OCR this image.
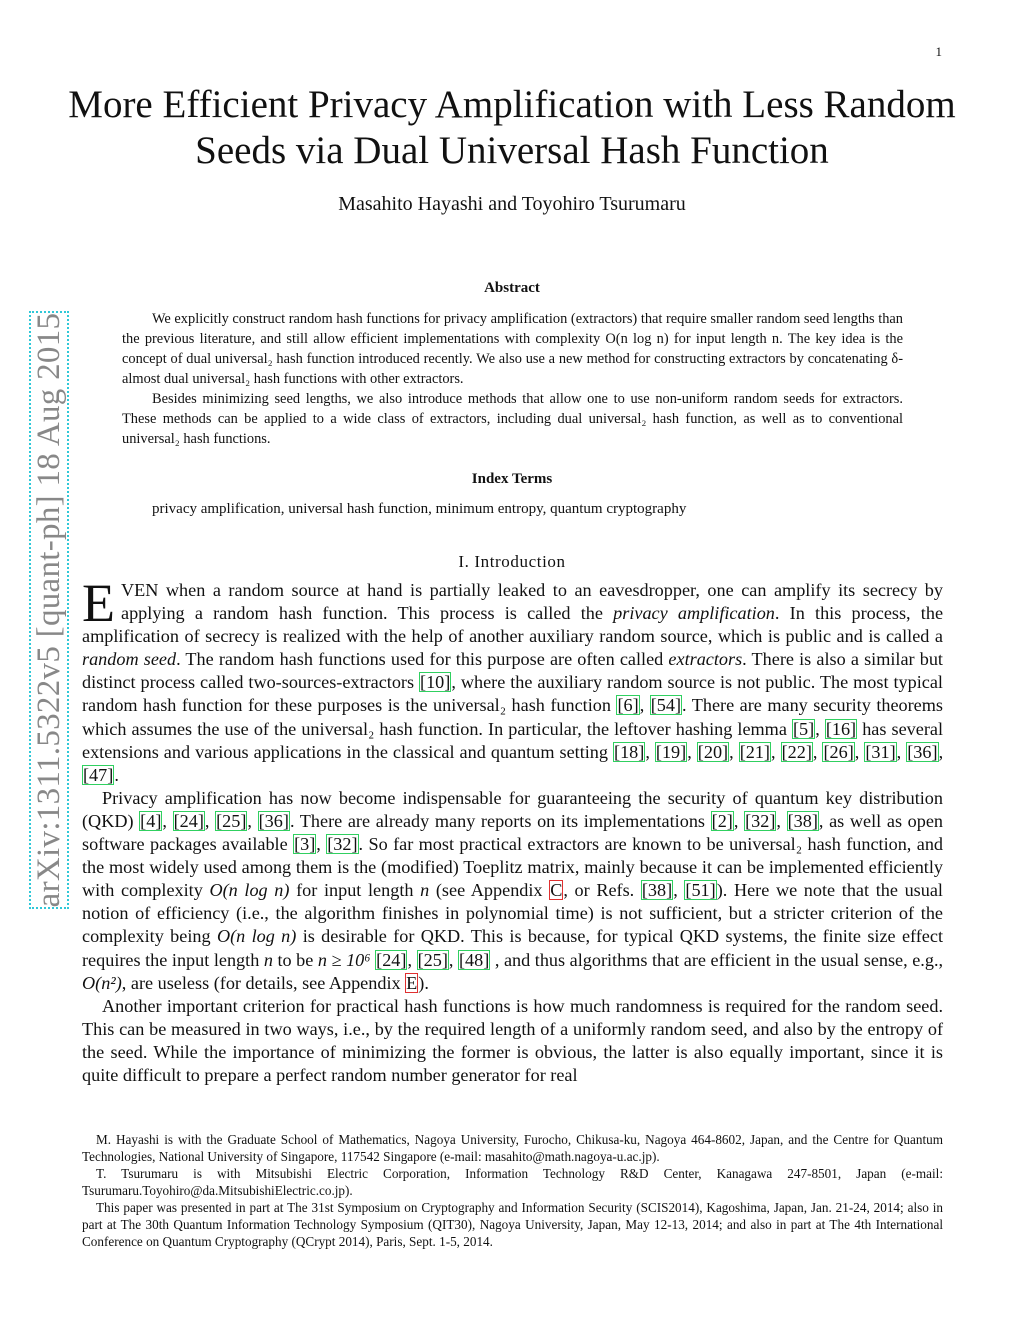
1
arXiv:1311.5322v5 [quant-ph] 18 Aug 2015
More Efficient Privacy Amplification with Less Random Seeds via Dual Universal Hash Function
Masahito Hayashi and Toyohiro Tsurumaru
Abstract

We explicitly construct random hash functions for privacy amplification (extractors) that require smaller random seed lengths than the previous literature, and still allow efficient implementations with complexity O(n log n) for input length n. The key idea is the concept of dual universal₂ hash function introduced recently. We also use a new method for constructing extractors by concatenating δ-almost dual universal₂ hash functions with other extractors.

Besides minimizing seed lengths, we also introduce methods that allow one to use non-uniform random seeds for extractors. These methods can be applied to a wide class of extractors, including dual universal₂ hash function, as well as to conventional universal₂ hash functions.

Index Terms
privacy amplification, universal hash function, minimum entropy, quantum cryptography
I. Introduction

EVEN when a random source at hand is partially leaked to an eavesdropper, one can amplify its secrecy by applying a random hash function. This process is called the privacy amplification. In this process, the amplification of secrecy is realized with the help of another auxiliary random source, which is public and is called a random seed. The random hash functions used for this purpose are often called extractors. There is also a similar but distinct process called two-sources-extractors [10], where the auxiliary random source is not public. The most typical random hash function for these purposes is the universal₂ hash function [6], [54]. There are many security theorems which assumes the use of the universal₂ hash function. In particular, the leftover hashing lemma [5], [16] has several extensions and various applications in the classical and quantum setting [18], [19], [20], [21], [22], [26], [31], [36], [47].

Privacy amplification has now become indispensable for guaranteeing the security of quantum key distribution (QKD) [4], [24], [25], [36]. There are already many reports on its implementations [2], [32], [38], as well as open software packages available [3], [32]. So far most practical extractors are known to be universal₂ hash function, and the most widely used among them is the (modified) Toeplitz matrix, mainly because it can be implemented efficiently with complexity O(n log n) for input length n (see Appendix C, or Refs. [38], [51]). Here we note that the usual notion of efficiency (i.e., the algorithm finishes in polynomial time) is not sufficient, but a stricter criterion of the complexity being O(n log n) is desirable for QKD. This is because, for typical QKD systems, the finite size effect requires the input length n to be n ≥ 10⁶ [24], [25], [48] , and thus algorithms that are efficient in the usual sense, e.g., O(n²), are useless (for details, see Appendix E).

Another important criterion for practical hash functions is how much randomness is required for the random seed. This can be measured in two ways, i.e., by the required length of a uniformly random seed, and also by the entropy of the seed. While the importance of minimizing the former is obvious, the latter is also equally important, since it is quite difficult to prepare a perfect random number generator for real

M. Hayashi is with the Graduate School of Mathematics, Nagoya University, Furocho, Chikusa-ku, Nagoya 464-8602, Japan, and the Centre for Quantum Technologies, National University of Singapore, 117542 Singapore (e-mail: masahito@math.nagoya-u.ac.jp).

T. Tsurumaru is with Mitsubishi Electric Corporation, Information Technology R&D Center, Kanagawa 247-8501, Japan (e-mail: Tsurumaru.Toyohiro@da.MitsubishiElectric.co.jp).

This paper was presented in part at The 31st Symposium on Cryptography and Information Security (SCIS2014), Kagoshima, Japan, Jan. 21-24, 2014; also in part at The 30th Quantum Information Technology Symposium (QIT30), Nagoya University, Japan, May 12-13, 2014; and also in part at The 4th International Conference on Quantum Cryptography (QCrypt 2014), Paris, Sept. 1-5, 2014.
